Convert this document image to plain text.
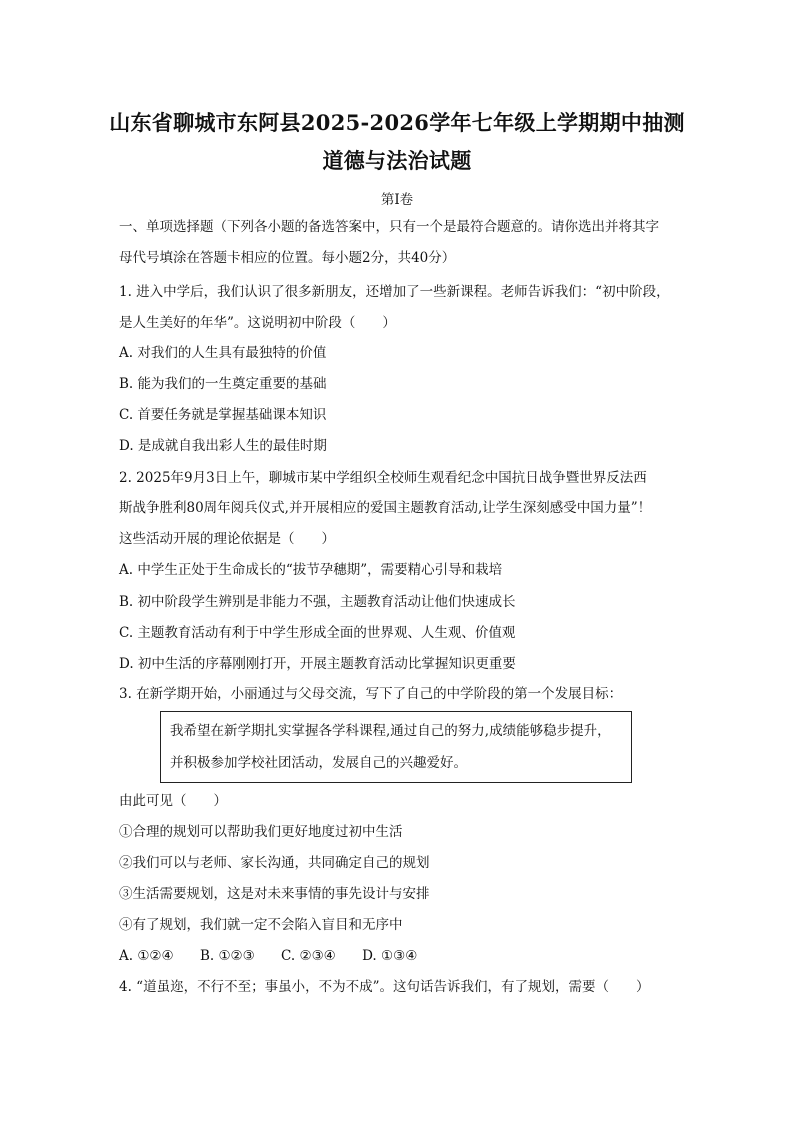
山东省聊城市东阿县2025-2026学年七年级上学期期中抽测
道德与法治试题
第Ⅰ卷
一、单项选择题（下列各小题的备选答案中，只有一个是最符合题意的。请你选出并将其字
母代号填涂在答题卡相应的位置。每小题2分，共40分）
1. 进入中学后，我们认识了很多新朋友，还增加了一些新课程。老师告诉我们：“初中阶段，
是人生美好的年华”。这说明初中阶段（　　）
A. 对我们的人生具有最独特的价值
B. 能为我们的一生奠定重要的基础
C. 首要任务就是掌握基础课本知识
D. 是成就自我出彩人生的最佳时期
2. 2025年9月3日上午，聊城市某中学组织全校师生观看纪念中国抗日战争暨世界反法西
斯战争胜利80周年阅兵仪式,并开展相应的爱国主题教育活动,让学生深刻感受中国力量”！
这些活动开展的理论依据是（　　）
A. 中学生正处于生命成长的“拔节孕穗期”，需要精心引导和栽培
B. 初中阶段学生辨别是非能力不强，主题教育活动让他们快速成长
C. 主题教育活动有利于中学生形成全面的世界观、人生观、价值观
D. 初中生活的序幕刚刚打开，开展主题教育活动比掌握知识更重要
3. 在新学期开始，小丽通过与父母交流，写下了自己的中学阶段的第一个发展目标：
我希望在新学期扎实掌握各学科课程,通过自己的努力,成绩能够稳步提升，
并积极参加学校社团活动，发展自己的兴趣爱好。
由此可见（　　）
①合理的规划可以帮助我们更好地度过初中生活
②我们可以与老师、家长沟通，共同确定自己的规划
③生活需要规划，这是对未来事情的事先设计与安排
④有了规划，我们就一定不会陷入盲目和无序中
A. ①②④ B. ①②③ C. ②③④ D. ①③④
4. “道虽迩，不行不至；事虽小，不为不成”。这句话告诉我们，有了规划，需要（　　）
